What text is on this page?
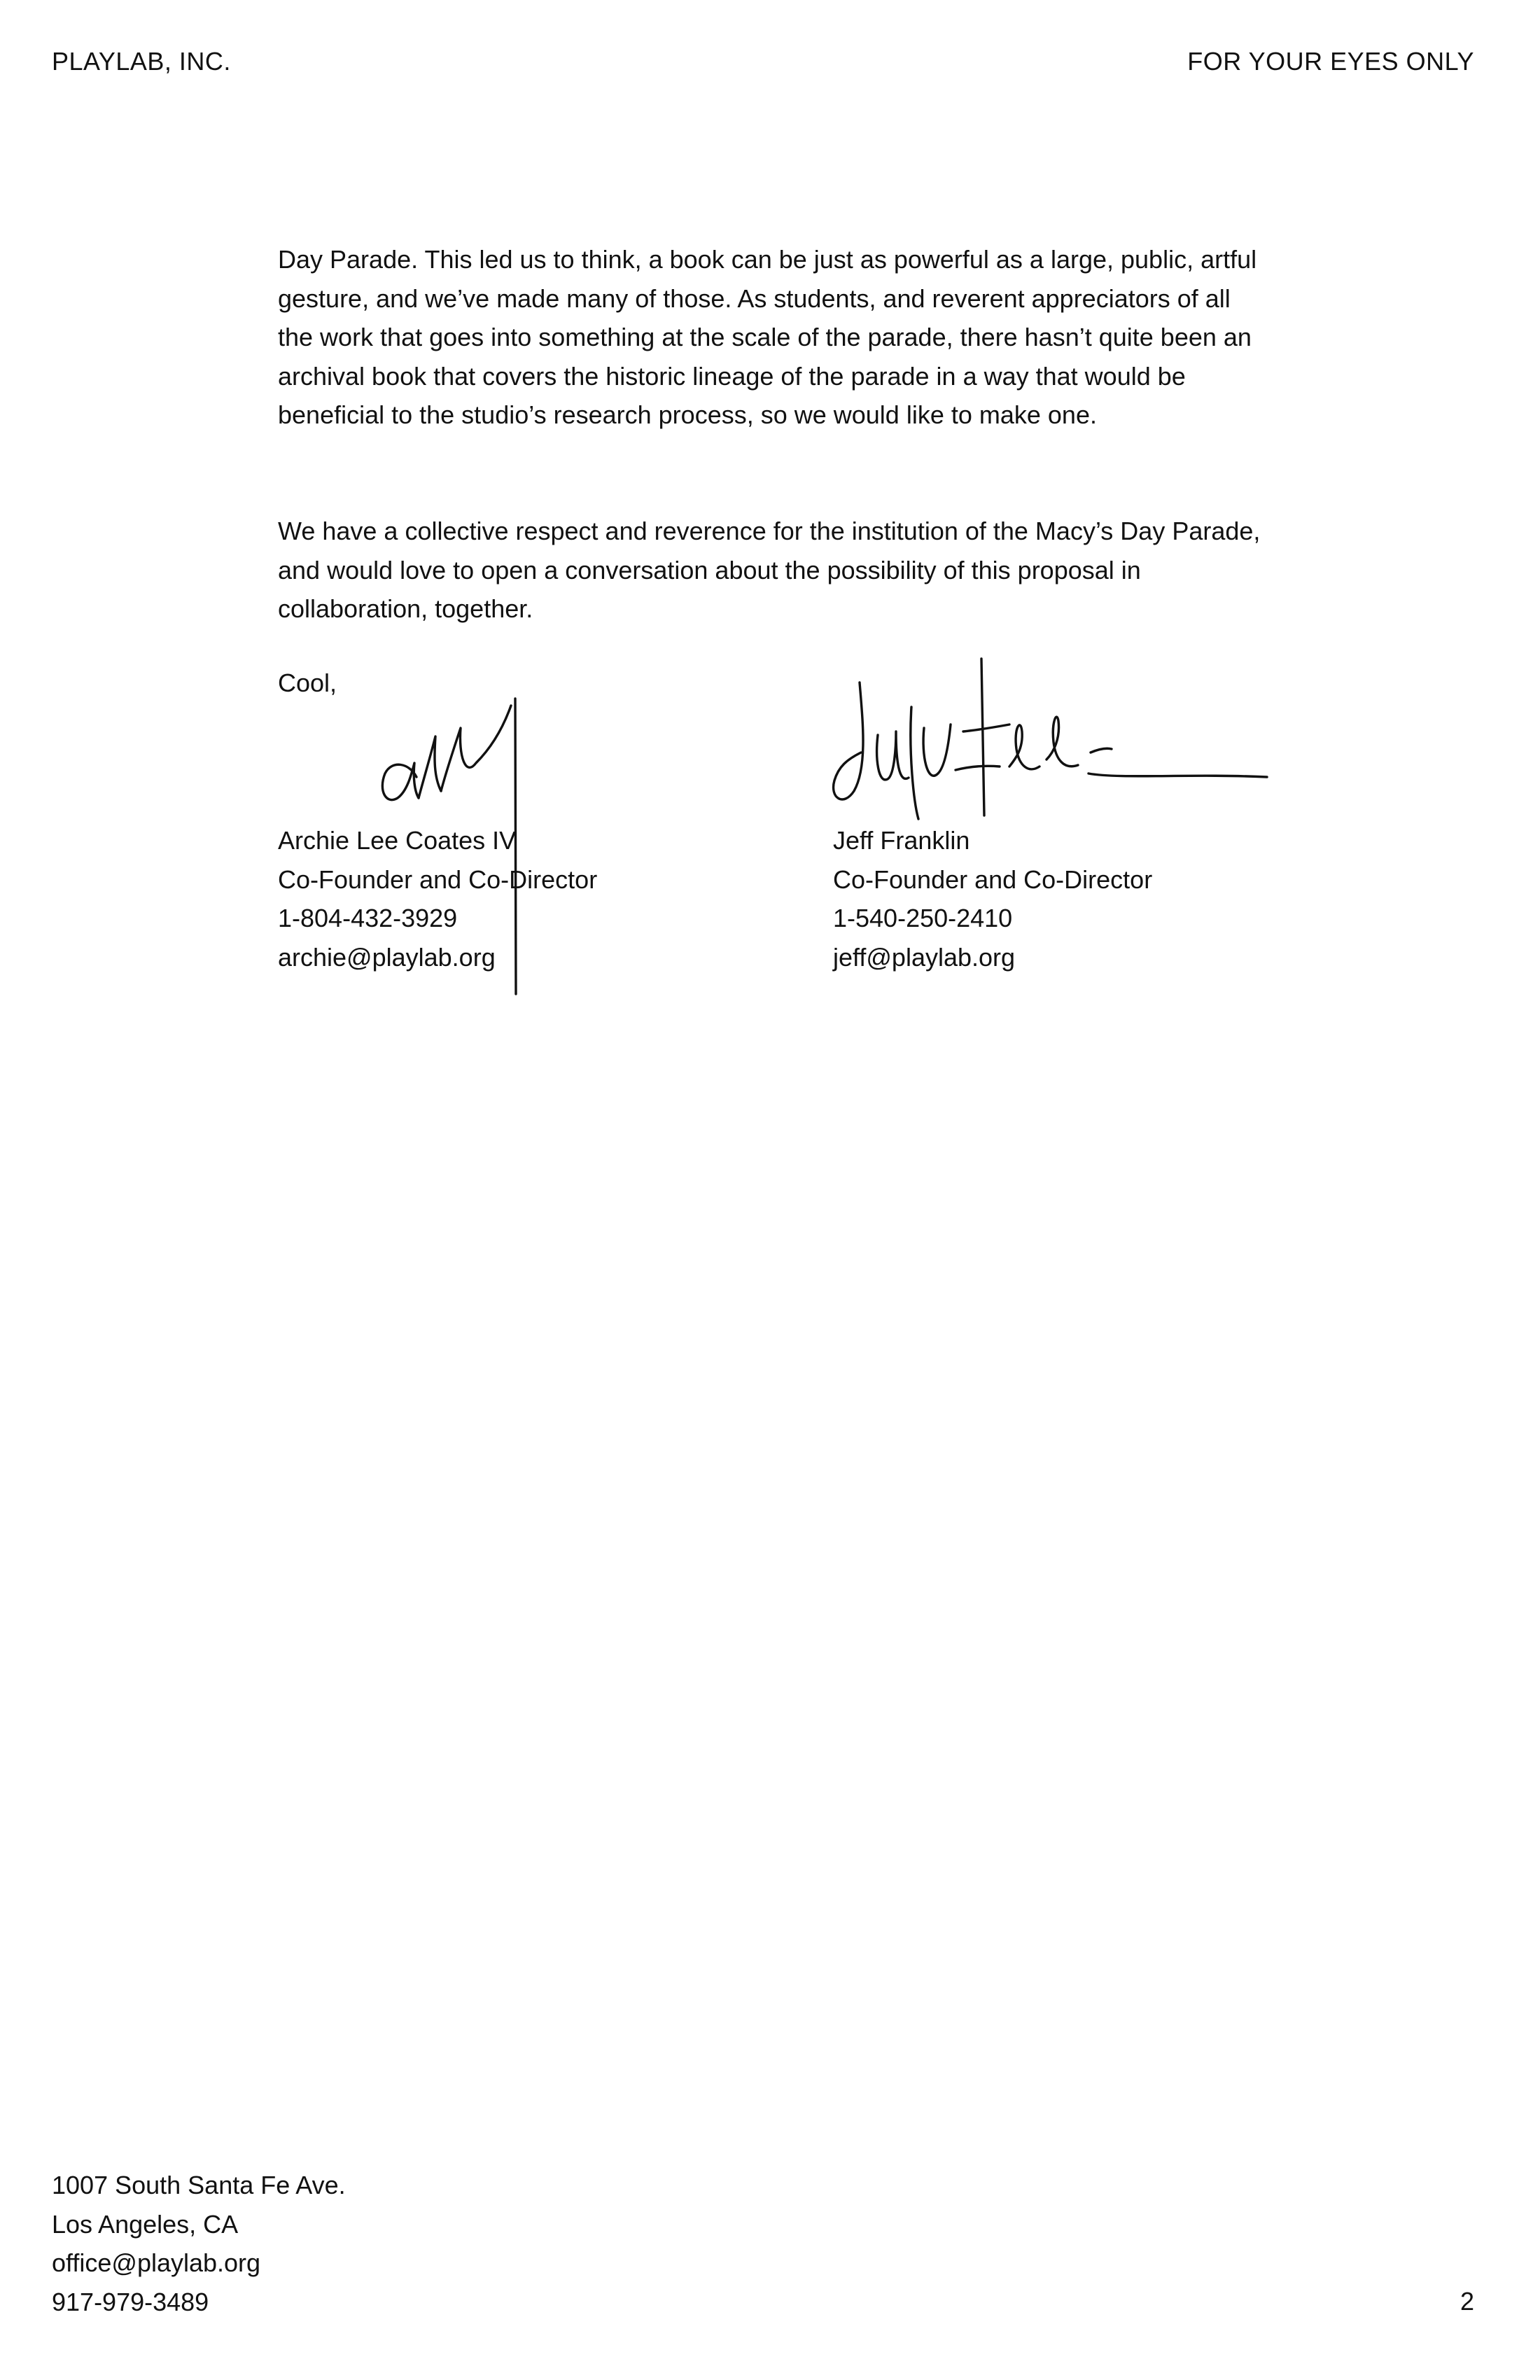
PLAYLAB, INC.	FOR YOUR EYES ONLY

Day Parade. This led us to think, a book can be just as powerful as a large, public, artful gesture, and we’ve made many of those. As students, and reverent appreciators of all the work that goes into something at the scale of the parade, there hasn’t quite been an archival book that covers the historic lineage of the parade in a way that would be beneficial to the studio’s research process, so we would like to make one.

We have a collective respect and reverence for the institution of the Macy’s Day Parade, and would love to open a conversation about the possibility of this proposal in collaboration, together.

Cool,
Archie Lee Coates IV
Co-Founder and Co-Director
1-804-432-3929
archie@playlab.org
Jeff Franklin
Co-Founder and Co-Director
1-540-250-2410
jeff@playlab.org
1007 South Santa Fe Ave.
Los Angeles, CA
office@playlab.org
917-979-3489	2
